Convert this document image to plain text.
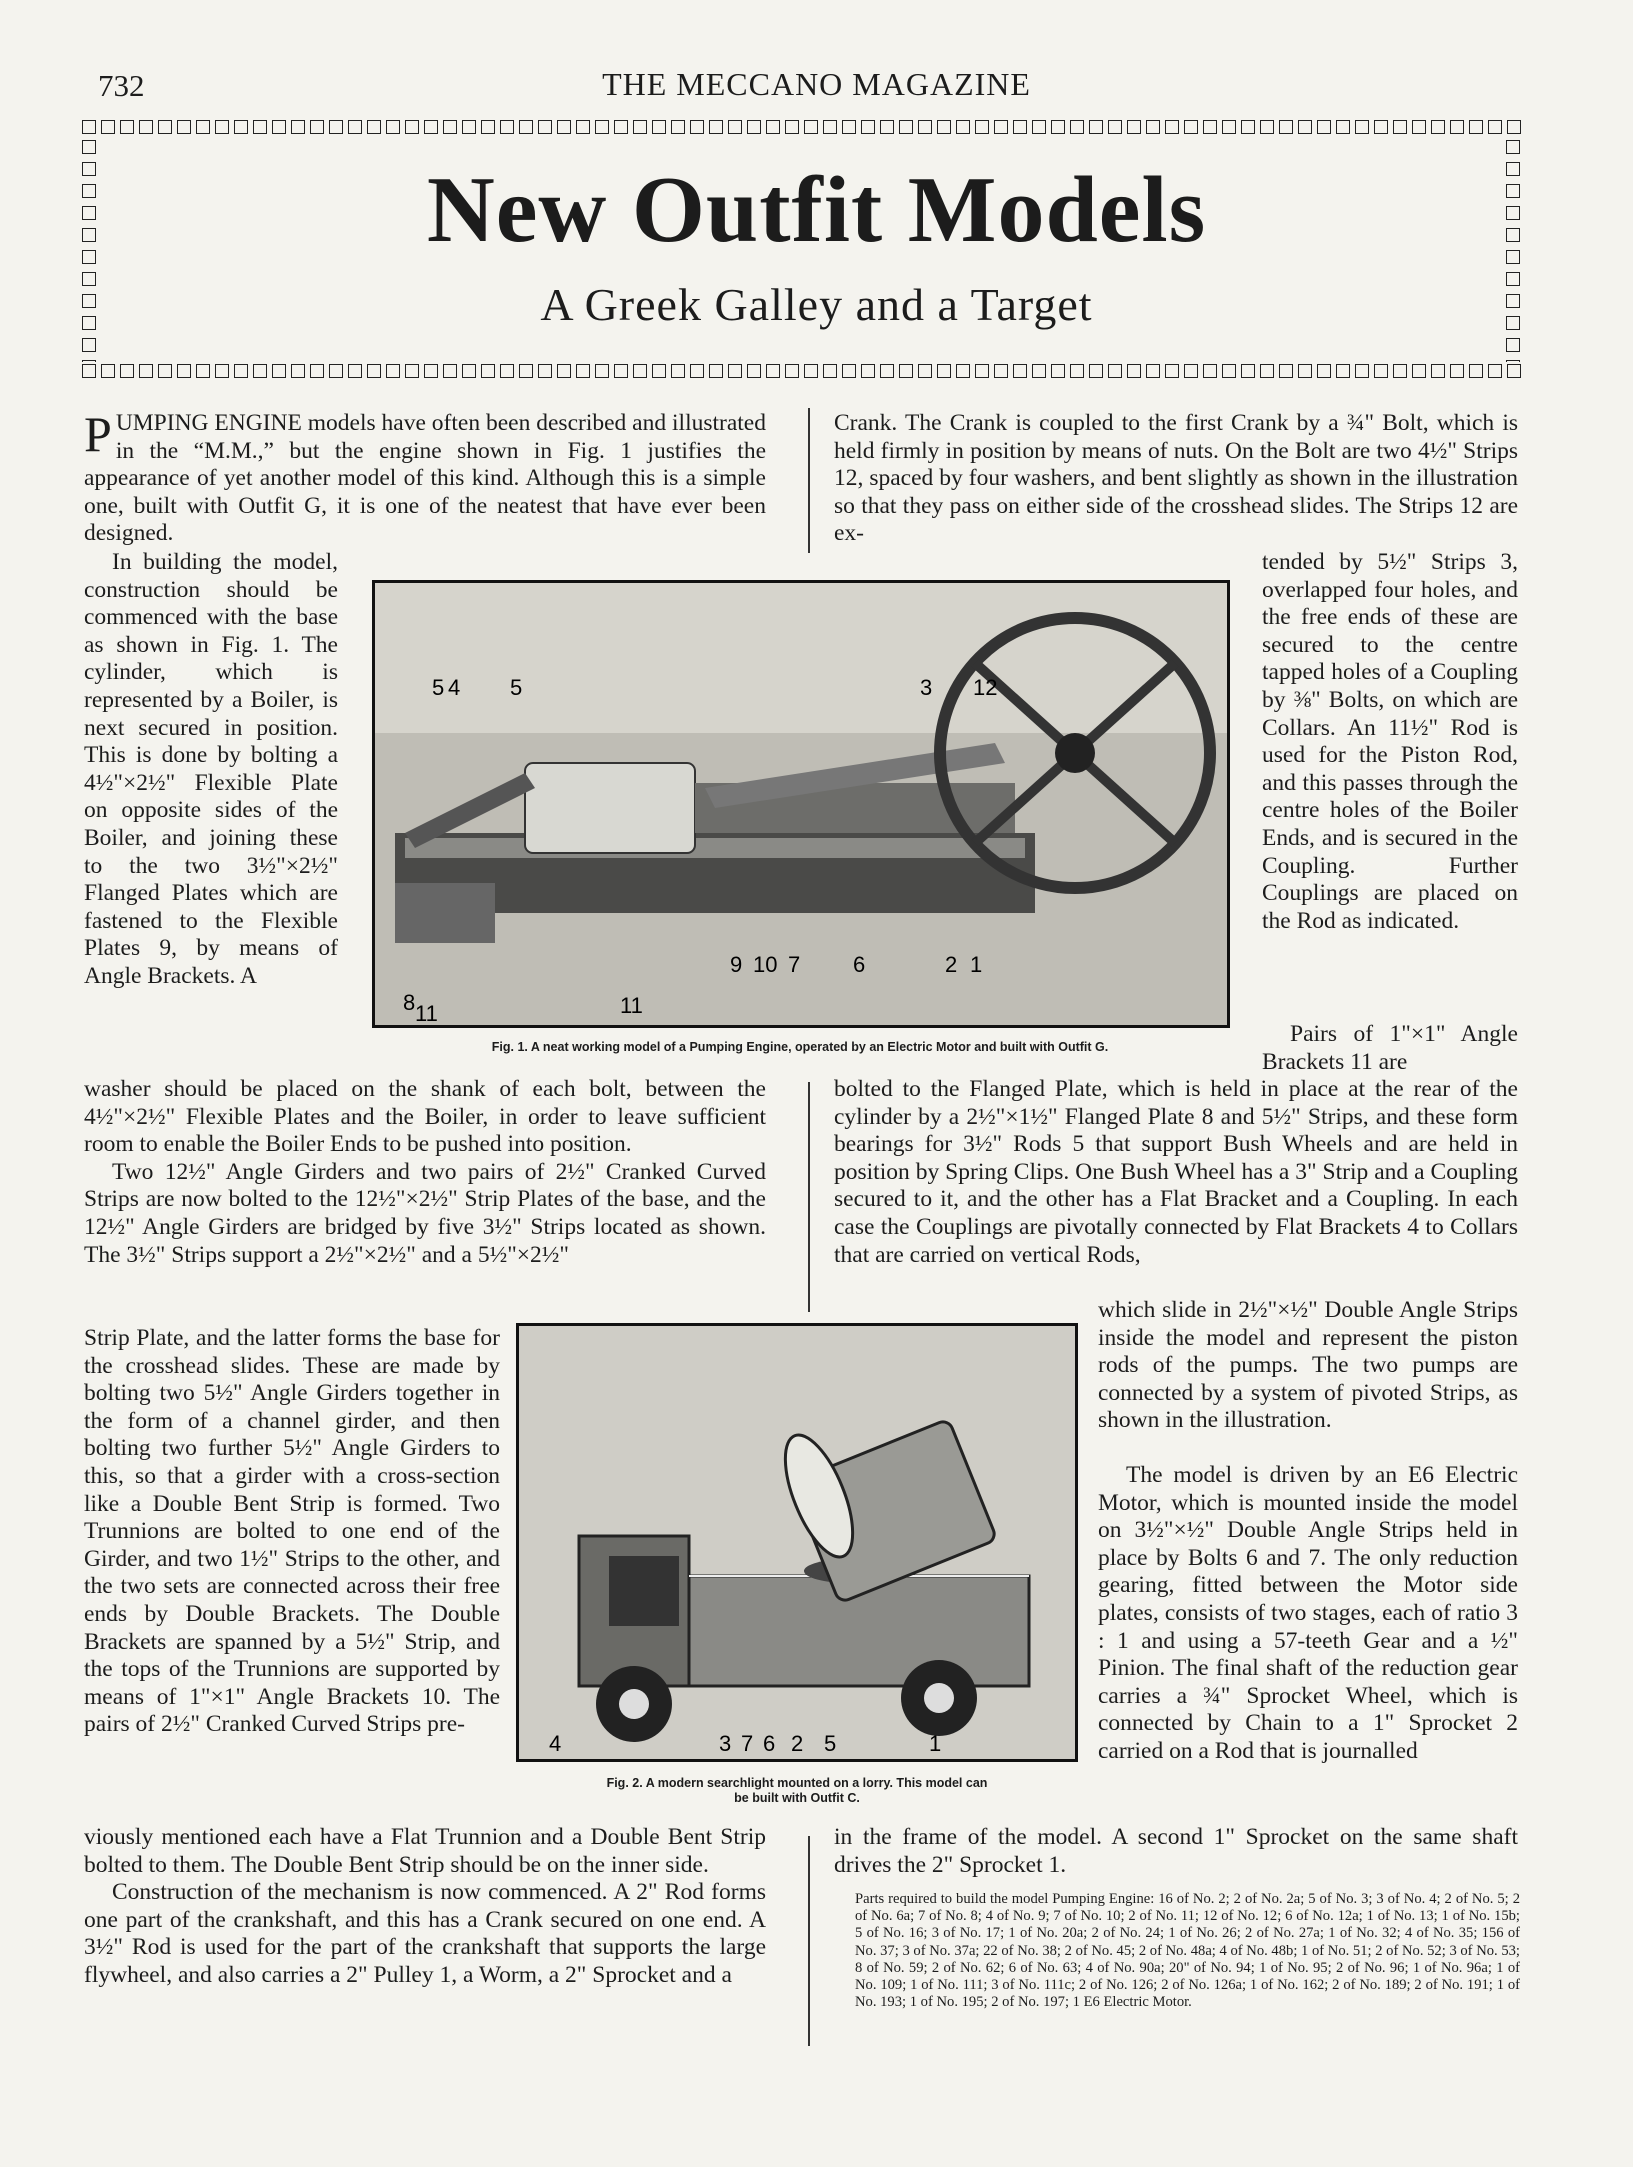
732	THE MECCANO MAGAZINE
New Outfit Models
A Greek Galley and a Target

PUMPING ENGINE models have often been described and illustrated in the “M.M.,” but the engine shown in Fig. 1 justifies the appearance of yet another model of this kind. Although this is a simple one, built with Outfit G, it is one of the neatest that have ever been designed.

In building the model, construction should be commenced with the base as shown in Fig. 1. The cylinder, which is represented by a Boiler, is next secured in position. This is done by bolting a 4½"×2½" Flexible Plate on opposite sides of the Boiler, and joining these to the two 3½"×2½" Flanged Plates which are fastened to the Flexible Plates 9, by means of Angle Brackets. A

washer should be placed on the shank of each bolt, between the 4½"×2½" Flexible Plates and the Boiler, in order to leave sufficient room to enable the Boiler Ends to be pushed into position.

Two 12½" Angle Girders and two pairs of 2½" Cranked Curved Strips are now bolted to the 12½"×2½" Strip Plates of the base, and the 12½" Angle Girders are bridged by five 3½" Strips located as shown. The 3½" Strips support a 2½"×2½" and a 5½"×2½"

Strip Plate, and the latter forms the base for the crosshead slides. These are made by bolting two 5½" Angle Girders together in the form of a channel girder, and then bolting two further 5½" Angle Girders to this, so that a girder with a cross-section like a Double Bent Strip is formed. Two Trunnions are bolted to one end of the Girder, and two 1½" Strips to the other, and the two sets are connected across their free ends by Double Brackets. The Double Brackets are spanned by a 5½" Strip, and the tops of the Trunnions are supported by means of 1"×1" Angle Brackets 10. The pairs of 2½" Cranked Curved Strips pre-

viously mentioned each have a Flat Trunnion and a Double Bent Strip bolted to them. The Double Bent Strip should be on the inner side.

Construction of the mechanism is now commenced. A 2" Rod forms one part of the crankshaft, and this has a Crank secured on one end. A 3½" Rod is used for the part of the crankshaft that supports the large flywheel, and also carries a 2" Pulley 1, a Worm, a 2" Sprocket and a

Crank. The Crank is coupled to the first Crank by a ¾" Bolt, which is held firmly in position by means of nuts. On the Bolt are two 4½" Strips 12, spaced by four washers, and bent slightly as shown in the illustration so that they pass on either side of the crosshead slides. The Strips 12 are ex-
tended by 5½" Strips 3, overlapped four holes, and the free ends of these are secured to the centre tapped holes of a Coupling by ⅜" Bolts, on which are Collars. An 11½" Rod is used for the Piston Rod, and this passes through the centre holes of the Boiler Ends, and is secured in the Coupling. Further Couplings are placed on the Rod as indicated.
Pairs of 1"×1" Angle Brackets 11 are
bolted to the Flanged Plate, which is held in place at the rear of the cylinder by a 2½"×1½" Flanged Plate 8 and 5½" Strips, and these form bearings for 3½" Rods 5 that support Bush Wheels and are held in position by Spring Clips. One Bush Wheel has a 3" Strip and a Coupling secured to it, and the other has a Flat Bracket and a Coupling. In each case the Couplings are pivotally connected by Flat Brackets 4 to Collars that are carried on vertical Rods,
which slide in 2½"×½" Double Angle Strips inside the model and represent the piston rods of the pumps. The two pumps are connected by a system of pivoted Strips, as shown in the illustration.
The model is driven by an E6 Electric Motor, which is mounted inside the model on 3½"×½" Double Angle Strips held in place by Bolts 6 and 7. The only reduction gearing, fitted between the Motor side plates, consists of two stages, each of ratio 3 : 1 and using a 57-teeth Gear and a ½" Pinion. The final shaft of the reduction gear carries a ¾" Sprocket Wheel, which is connected by Chain to a 1" Sprocket 2 carried on a Rod that is journalled
in the frame of the model. A second 1" Sprocket on the same shaft drives the 2" Sprocket 1.
Parts required to build the model Pumping Engine: 16 of No. 2; 2 of No. 2a; 5 of No. 3; 3 of No. 4; 2 of No. 5; 2 of No. 6a; 7 of No. 8; 4 of No. 9; 7 of No. 10; 2 of No. 11; 12 of No. 12; 6 of No. 12a; 1 of No. 13; 1 of No. 15b; 5 of No. 16; 3 of No. 17; 1 of No. 20a; 2 of No. 24; 1 of No. 26; 2 of No. 27a; 1 of No. 32; 4 of No. 35; 156 of No. 37; 3 of No. 37a; 22 of No. 38; 2 of No. 45; 2 of No. 48a; 4 of No. 48b; 1 of No. 51; 2 of No. 52; 3 of No. 53; 8 of No. 59; 2 of No. 62; 6 of No. 63; 4 of No. 90a; 20" of No. 94; 1 of No. 95; 2 of No. 96; 1 of No. 96a; 1 of No. 109; 1 of No. 111; 3 of No. 111c; 2 of No. 126; 2 of No. 126a; 1 of No. 162; 2 of No. 189; 2 of No. 191; 1 of No. 193; 1 of No. 195; 2 of No. 197; 1 E6 Electric Motor.
5 4 5	3 12
9 10 7 6	2 1
8 11	11
Fig. 1. A neat working model of a Pumping Engine, operated by an Electric Motor and built with Outfit G.
4	3 7 6 2 5	1
Fig. 2. A modern searchlight mounted on a lorry. This model can
be built with Outfit C.
